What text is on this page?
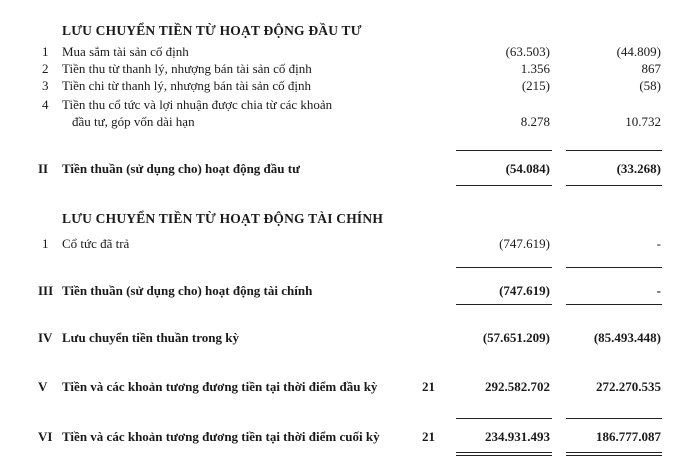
LƯU CHUYỂN TIỀN TỪ HOẠT ĐỘNG ĐẦU TƯ
1 Mua sắm tài sản cố định	(63.503)	(44.809)
2 Tiền thu từ thanh lý, nhượng bán tài sản cố định	1.356	867
3 Tiền chi từ thanh lý, nhượng bán tài sản cố định	(215)	(58)
4 Tiền thu cổ tức và lợi nhuận được chia từ các khoản
đầu tư, góp vốn dài hạn	8.278	10.732
II Tiền thuần (sử dụng cho) hoạt động đầu tư	(54.084)	(33.268)
LƯU CHUYỂN TIỀN TỪ HOẠT ĐỘNG TÀI CHÍNH
1 Cổ tức đã trả	(747.619)	-
III Tiền thuần (sử dụng cho) hoạt động tài chính	(747.619)	-
IV Lưu chuyển tiền thuần trong kỳ	(57.651.209)	(85.493.448)
V Tiền và các khoản tương đương tiền tại thời điểm đầu kỳ	21	292.582.702	272.270.535
VI Tiền và các khoản tương đương tiền tại thời điểm cuối kỳ	21	234.931.493	186.777.087
